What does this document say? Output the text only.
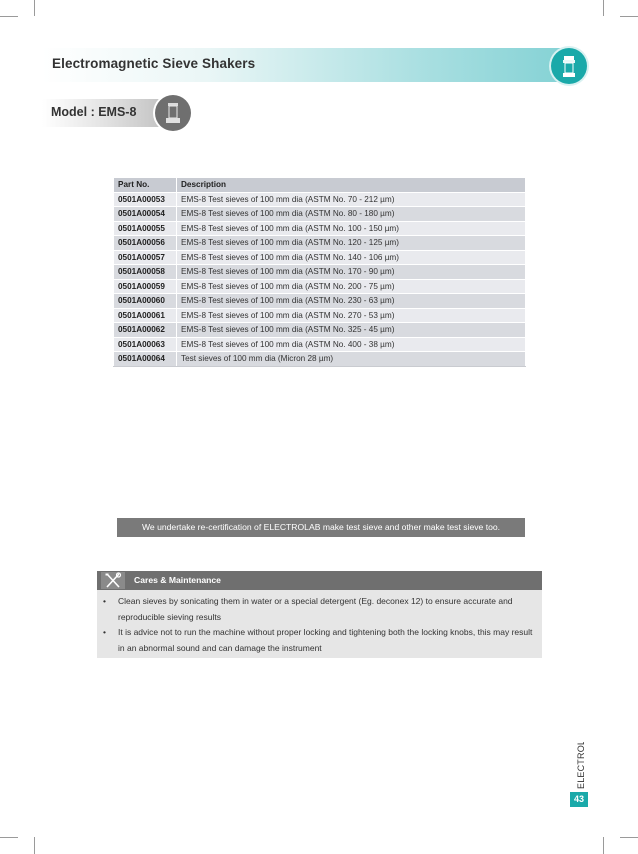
Electromagnetic Sieve Shakers
Model : EMS-8
Part No.	Description
0501A00053	EMS-8 Test sieves of 100 mm dia (ASTM No. 70 - 212 µm)
0501A00054	EMS-8 Test sieves of 100 mm dia (ASTM No. 80 - 180 µm)
0501A00055	EMS-8 Test sieves of 100 mm dia (ASTM No. 100 - 150 µm)
0501A00056	EMS-8 Test sieves of 100 mm dia (ASTM No. 120 - 125 µm)
0501A00057	EMS-8 Test sieves of 100 mm dia (ASTM No. 140 - 106 µm)
0501A00058	EMS-8 Test sieves of 100 mm dia (ASTM No. 170 - 90 µm)
0501A00059	EMS-8 Test sieves of 100 mm dia (ASTM No. 200 - 75 µm)
0501A00060	EMS-8 Test sieves of 100 mm dia (ASTM No. 230 - 63 µm)
0501A00061	EMS-8 Test sieves of 100 mm dia (ASTM No. 270 - 53 µm)
0501A00062	EMS-8 Test sieves of 100 mm dia (ASTM No. 325 - 45 µm)
0501A00063	EMS-8 Test sieves of 100 mm dia (ASTM No. 400 - 38 µm)
0501A00064	Test sieves of 100 mm dia (Micron 28 µm)
We undertake re-certification of ELECTROLAB make test sieve and other make test sieve too.
Cares & Maintenance
• Clean sieves by sonicating them in water or a special detergent (Eg. deconex 12) to ensure accurate and reproducible sieving results
• It is advice not to run the machine without proper locking and tightening both the locking knobs, this may result in an abnormal sound and can damage the instrument
ELECTROLAB
43
